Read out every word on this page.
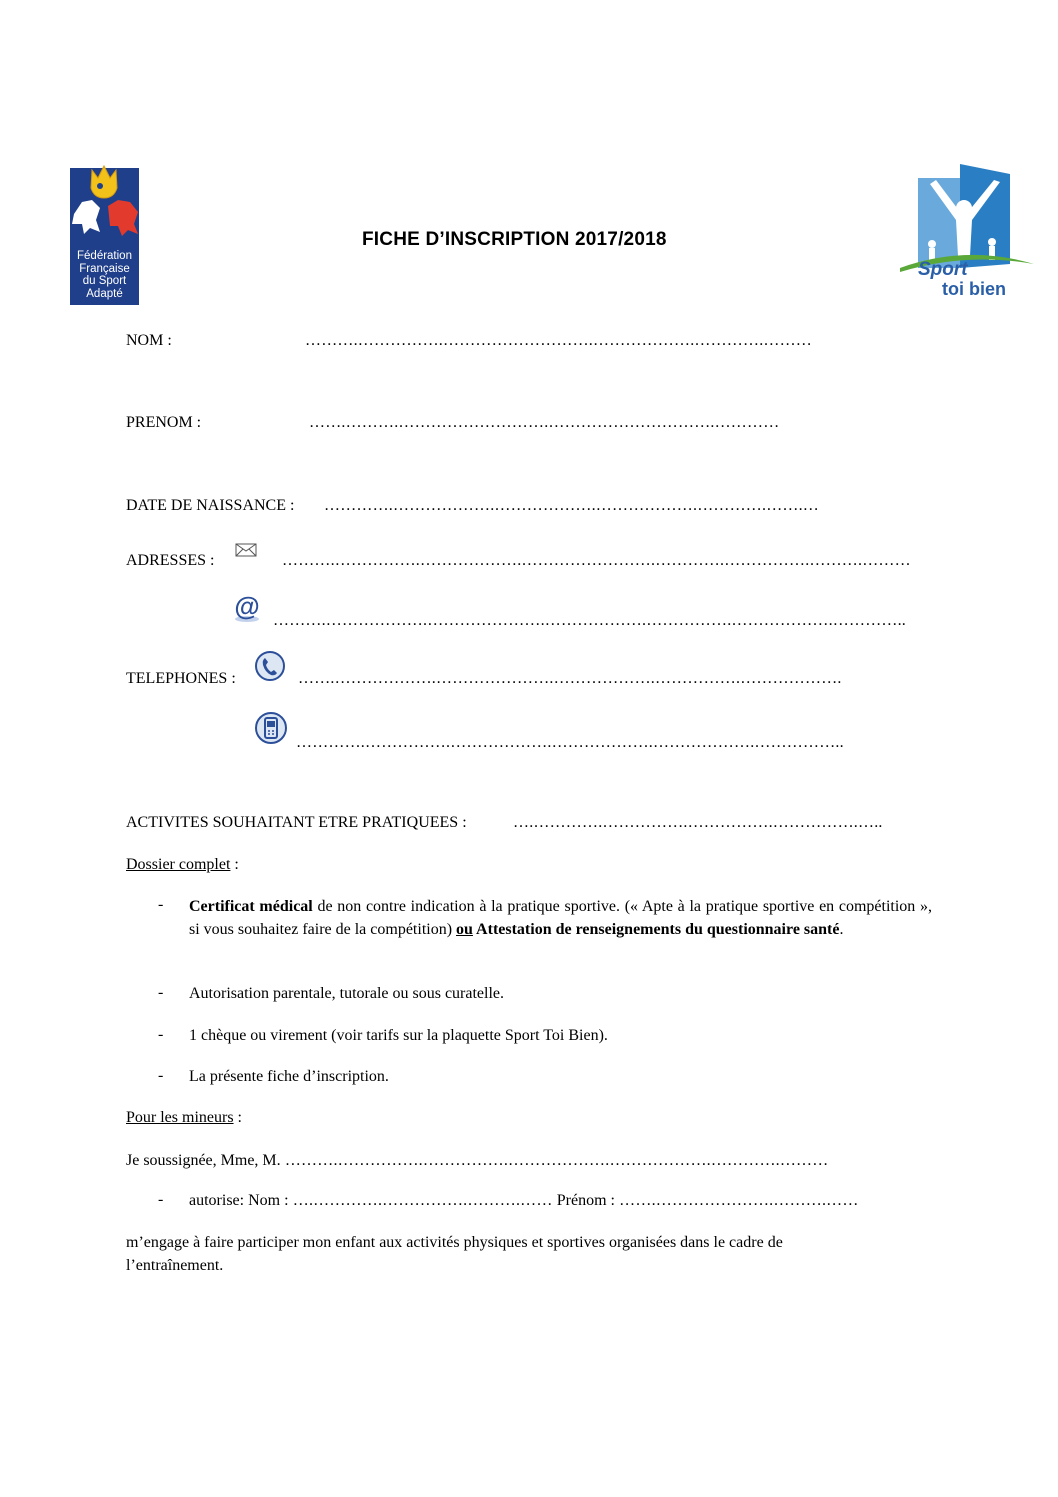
Fédération
Française
du Sport
Adapté
FICHE D’INSCRIPTION 2017/2018
Sport
toi bien
NOM :	……….…………….……………………….……………….………….………
PRENOM :	…….……….……………………….………………………….…………
DATE DE NAISSANCE : ………….……………….……………….……………….………….…….…
ADRESSES :	……….…………….……………….…………………….………….…………….……….………
@ ……….……………….………………….……………….…………….……………….…………..
TELEPHONES :	…….……………….………………….……………….…………….……………….
………….…………….……………….……………….……………….……………..
ACTIVITES SOUHAITANT ETRE PRATIQUEES :	….………….…………….…………….…………….…..
Dossier complet :
- Certificat médical de non contre indication à la pratique sportive. (« Apte à la pratique sportive en compétition », si vous souhaitez faire de la compétition) ou Attestation de renseignements du questionnaire santé.
- Autorisation parentale, tutorale ou sous curatelle.
- 1 chèque ou virement (voir tarifs sur la plaquette Sport Toi Bien).
- La présente fiche d’inscription.
Pour les mineurs :
Je soussignée, Mme, M. ……….…………….…………….……………….……………….………….………
- autorise: Nom : ….………….…………….……….…… Prénom : …….………………….……….……
m’engage à faire participer mon enfant aux activités physiques et sportives organisées dans le cadre de
l’entraînement.
